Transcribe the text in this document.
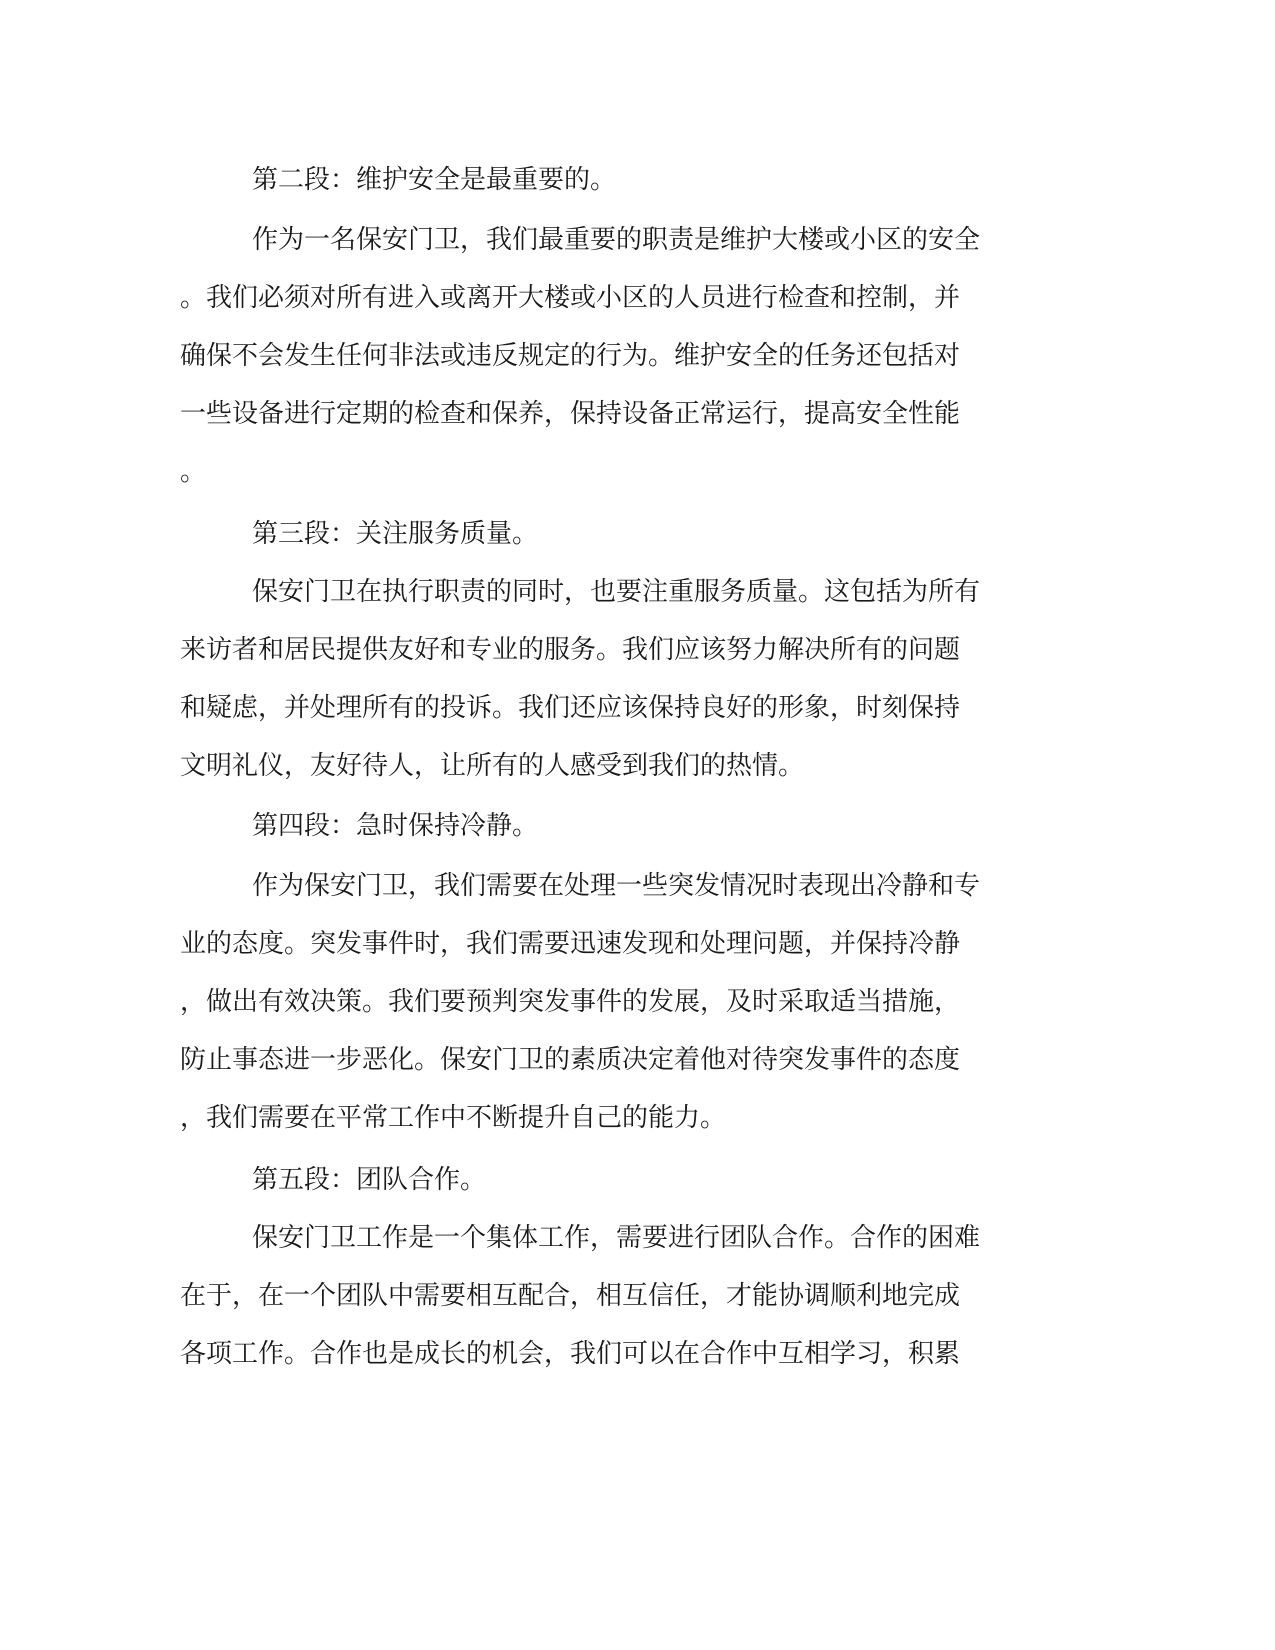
第二段：维护安全是最重要的。
作为一名保安门卫，我们最重要的职责是维护大楼或小区的安全
。我们必须对所有进入或离开大楼或小区的人员进行检查和控制，并
确保不会发生任何非法或违反规定的行为。维护安全的任务还包括对
一些设备进行定期的检查和保养，保持设备正常运行，提高安全性能
。
第三段：关注服务质量。
保安门卫在执行职责的同时，也要注重服务质量。这包括为所有
来访者和居民提供友好和专业的服务。我们应该努力解决所有的问题
和疑虑，并处理所有的投诉。我们还应该保持良好的形象，时刻保持
文明礼仪，友好待人，让所有的人感受到我们的热情。
第四段：急时保持冷静。
作为保安门卫，我们需要在处理一些突发情况时表现出冷静和专
业的态度。突发事件时，我们需要迅速发现和处理问题，并保持冷静
，做出有效决策。我们要预判突发事件的发展，及时采取适当措施，
防止事态进一步恶化。保安门卫的素质决定着他对待突发事件的态度
，我们需要在平常工作中不断提升自己的能力。
第五段：团队合作。
保安门卫工作是一个集体工作，需要进行团队合作。合作的困难
在于，在一个团队中需要相互配合，相互信任，才能协调顺利地完成
各项工作。合作也是成长的机会，我们可以在合作中互相学习，积累
